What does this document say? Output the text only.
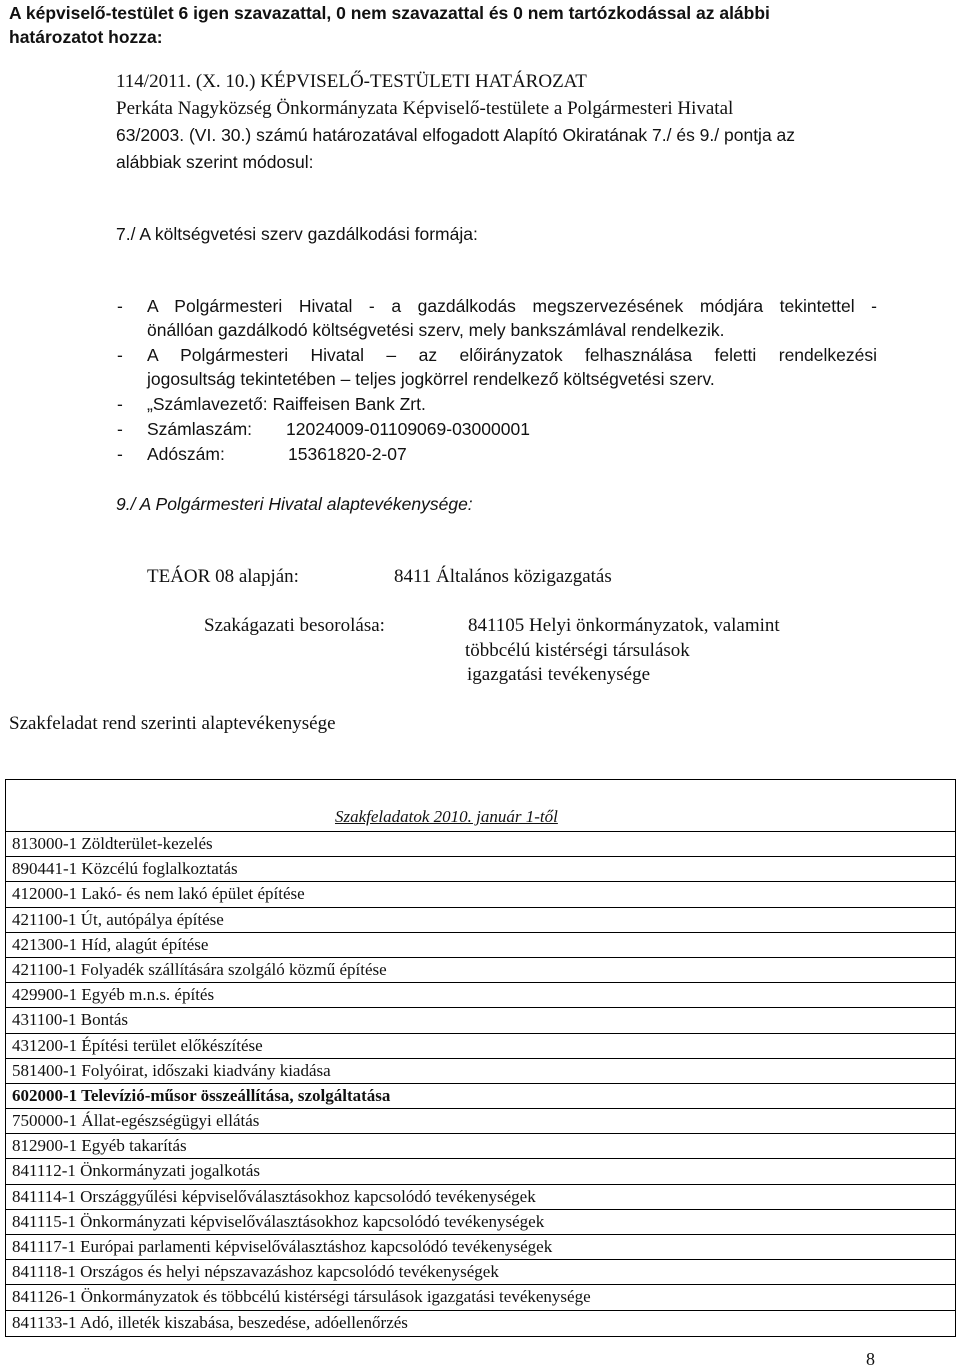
A képviselő-testület 6 igen szavazattal, 0 nem szavazattal és 0 nem tartózkodással az alábbi
határozatot hozza:
114/2011. (X. 10.) KÉPVISELŐ-TESTÜLETI HATÁROZAT
Perkáta Nagyközség Önkormányzata Képviselő-testülete a Polgármesteri Hivatal
63/2003. (VI. 30.) számú határozatával elfogadott Alapító Okiratának 7./ és 9./ pontja az
alábbiak szerint módosul:
7./ A költségvetési szerv gazdálkodási formája:
- A Polgármesteri Hivatal - a gazdálkodás megszervezésének módjára tekintettel -
önállóan gazdálkodó költségvetési szerv, mely bankszámlával rendelkezik.
- A Polgármesteri Hivatal – az előirányzatok felhasználása feletti rendelkezési
jogosultság tekintetében – teljes jogkörrel rendelkező költségvetési szerv.
- „Számlavezető: Raiffeisen Bank Zrt.
- Számlaszám: 12024009-01109069-03000001
- Adószám:	15361820-2-07
9./ A Polgármesteri Hivatal alaptevékenysége:
TEÁOR 08 alapján:	8411 Általános közigazgatás
Szakágazati besorolása:	841105 Helyi önkormányzatok, valamint
többcélú kistérségi társulások
igazgatási tevékenysége
Szakfeladat rend szerinti alaptevékenysége
Szakfeladatok 2010. január 1-től
813000-1 Zöldterület-kezelés
890441-1 Közcélú foglalkoztatás
412000-1 Lakó- és nem lakó épület építése
421100-1 Út, autópálya építése
421300-1 Híd, alagút építése
421100-1 Folyadék szállítására szolgáló közmű építése
429900-1 Egyéb m.n.s. építés
431100-1 Bontás
431200-1 Építési terület előkészítése
581400-1 Folyóirat, időszaki kiadvány kiadása
602000-1 Televízió-műsor összeállítása, szolgáltatása
750000-1 Állat-egészségügyi ellátás
812900-1 Egyéb takarítás
841112-1 Önkormányzati jogalkotás
841114-1 Országgyűlési képviselőválasztásokhoz kapcsolódó tevékenységek
841115-1 Önkormányzati képviselőválasztásokhoz kapcsolódó tevékenységek
841117-1 Európai parlamenti képviselőválasztáshoz kapcsolódó tevékenységek
841118-1 Országos és helyi népszavazáshoz kapcsolódó tevékenységek
841126-1 Önkormányzatok és többcélú kistérségi társulások igazgatási tevékenysége
841133-1 Adó, illeték kiszabása, beszedése, adóellenőrzés
8
